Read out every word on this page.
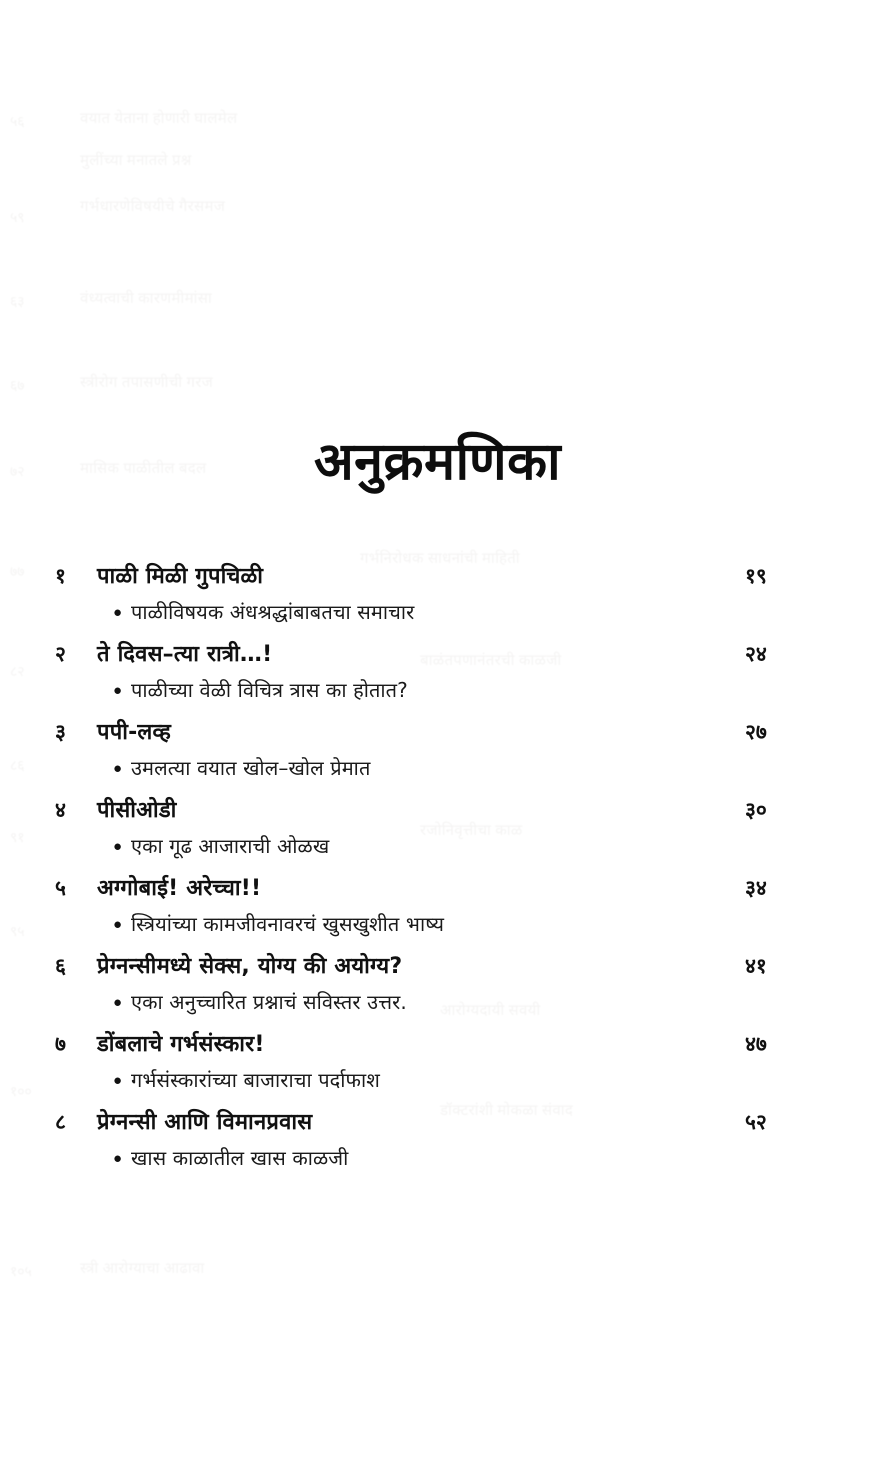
५६
५९
६३
६७
७२
७७
८२
८६
९१
९५
१००
१०५
वयात येताना होणारी घालमेल
मुलींच्या मनातले प्रश्न
गर्भधारणेविषयीचे गैरसमज
वंध्यत्वाची कारणमीमांसा
स्त्रीरोग तपासणीची गरज
मासिक पाळीतील बदल
गर्भनिरोधक साधनांची माहिती
बाळंतपणानंतरची काळजी
रजोनिवृत्तीचा काळ
आरोग्यदायी सवयी
डॉक्टरांशी मोकळा संवाद
स्त्री आरोग्याचा आढावा
अनुक्रमणिका
१	पाळी मिळी गुपचिळी	१९
● पाळीविषयक अंधश्रद्धांबाबतचा समाचार
२	ते दिवस–त्या रात्री…!	२४
● पाळीच्या वेळी विचित्र त्रास का होतात?
३	पपी-लव्ह	२७
● उमलत्या वयात खोल–खोल प्रेमात
४	पीसीओडी	३०
● एका गूढ आजाराची ओळख
५	अग्गोबाई! अरेच्चा!!	३४
● स्त्रियांच्या कामजीवनावरचं खुसखुशीत भाष्य
६	प्रेग्नन्सीमध्ये सेक्स, योग्य की अयोग्य?	४१
● एका अनुच्चारित प्रश्नाचं सविस्तर उत्तर.
७	डोंबलाचे गर्भसंस्कार!	४७
● गर्भसंस्कारांच्या बाजाराचा पर्दाफाश
८	प्रेग्नन्सी आणि विमानप्रवास	५२
● खास काळातील खास काळजी
